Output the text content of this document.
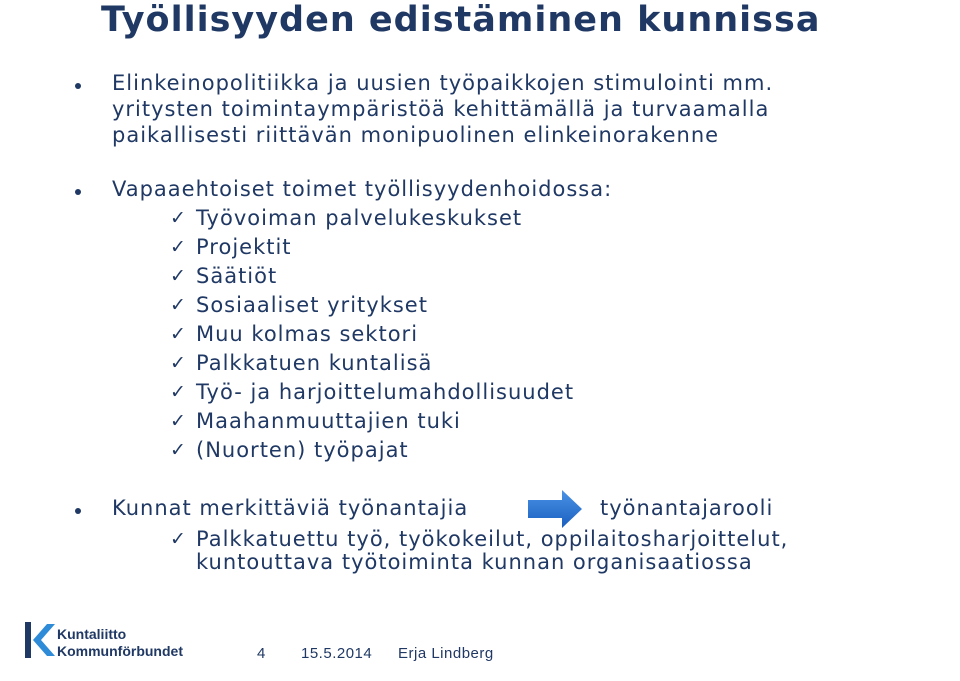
Työllisyyden edistäminen kunnissa
Elinkeinopolitiikka ja uusien työpaikkojen stimulointi mm.
yritysten toimintaympäristöä kehittämällä ja turvaamalla
paikallisesti riittävän monipuolinen elinkeinorakenne
Vapaaehtoiset toimet työllisyydenhoidossa:
✓ Työvoiman palvelukeskukset
✓ Projektit
✓ Säätiöt
✓ Sosiaaliset yritykset
✓ Muu kolmas sektori
✓ Palkkatuen kuntalisä
✓ Työ- ja harjoittelumahdollisuudet
✓ Maahanmuuttajien tuki
✓ (Nuorten) työpajat
Kunnat merkittäviä työnantajia	työnantajarooli
✓ Palkkatuettu työ, työkokeilut, oppilaitosharjoittelut,
kuntouttava työtoiminta kunnan organisaatiossa
Kuntaliitto
Kommunförbundet	4 15.5.2014 Erja Lindberg
